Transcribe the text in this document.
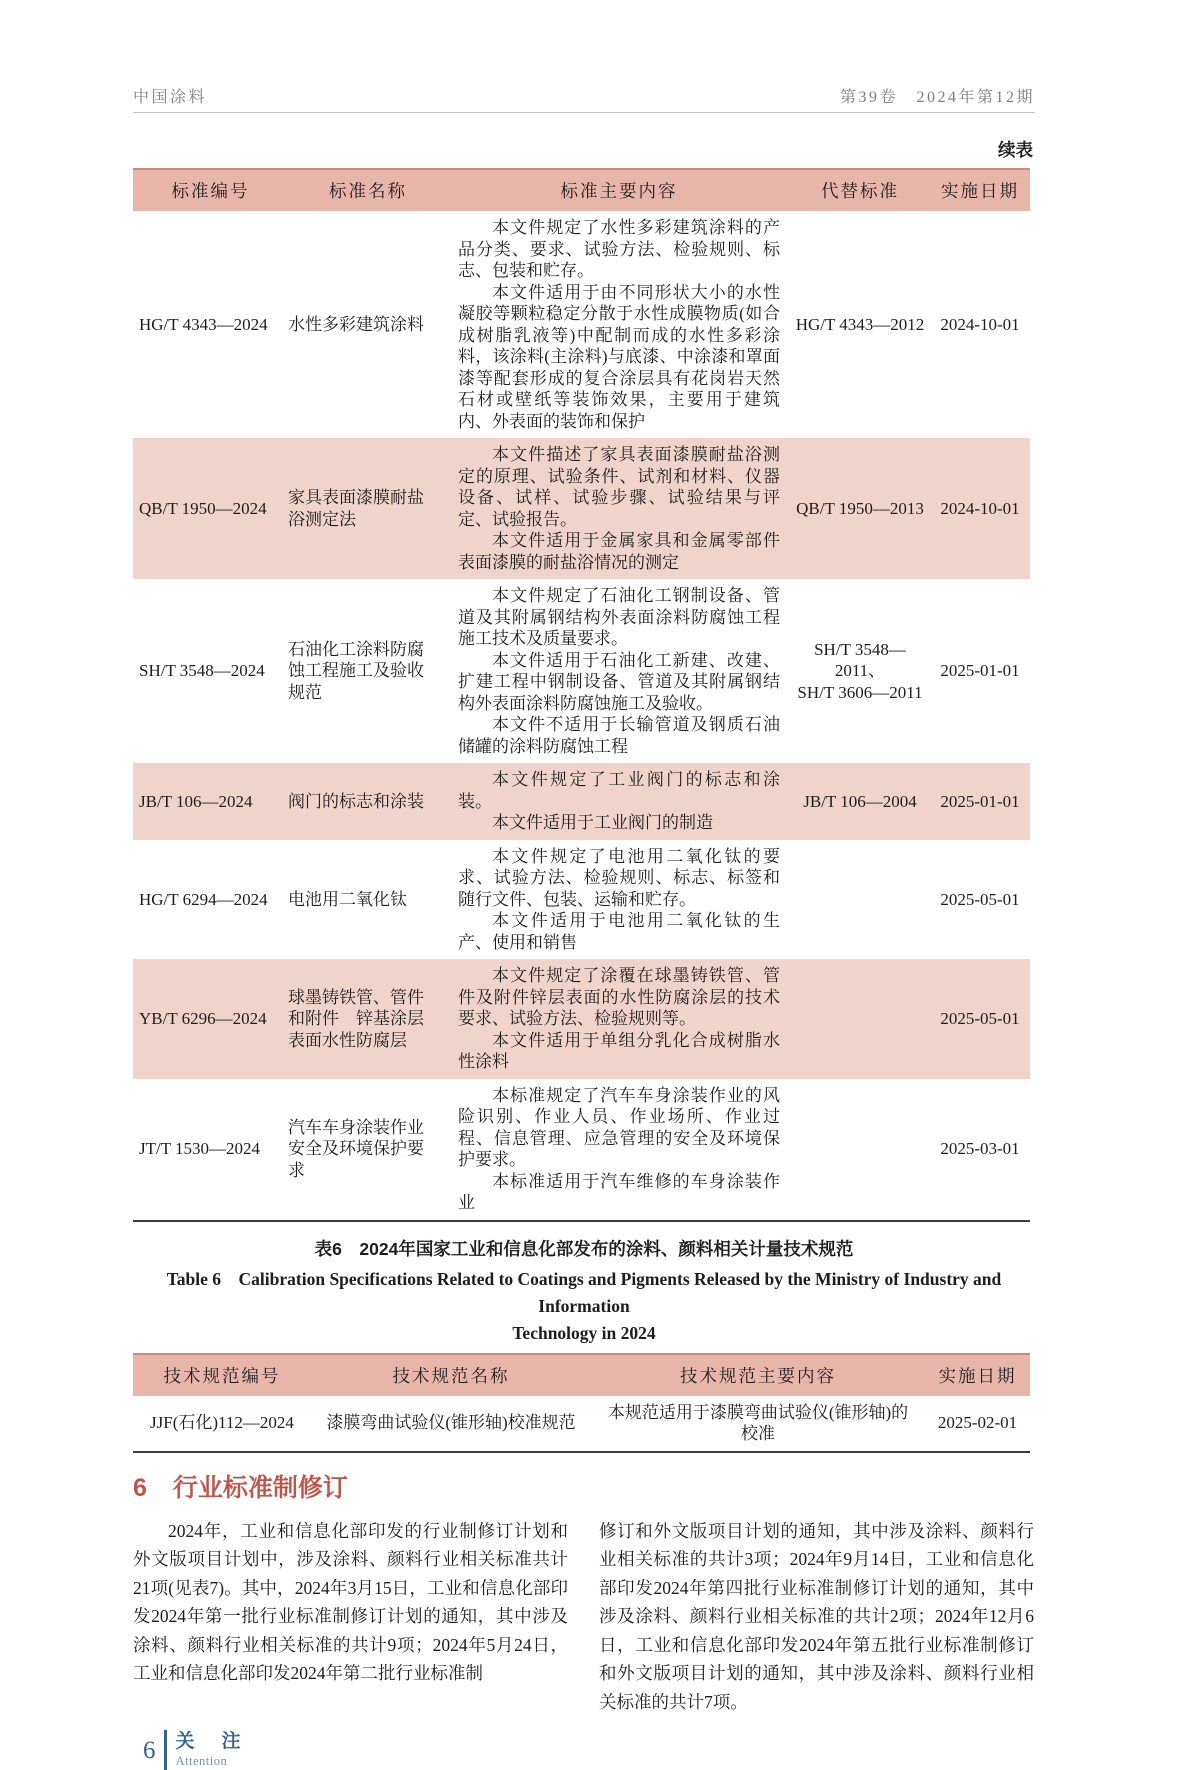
中国涂料	第39卷　2024年第12期
续表
标准编号	标准名称	标准主要内容	代替标准	实施日期
HG/T 4343—2024	水性多彩建筑涂料	本文件规定了水性多彩建筑涂料的产品分类、要求、试验方法、检验规则、标志、包装和贮存。

本文件适用于由不同形状大小的水性凝胶等颗粒稳定分散于水性成膜物质(如合成树脂乳液等)中配制而成的水性多彩涂料，该涂料(主涂料)与底漆、中涂漆和罩面漆等配套形成的复合涂层具有花岗岩天然石材或壁纸等装饰效果，主要用于建筑内、外表面的装饰和保护	HG/T 4343—2012	2024-10-01
QB/T 1950—2024	家具表面漆膜耐盐浴测定法	本文件描述了家具表面漆膜耐盐浴测定的原理、试验条件、试剂和材料、仪器设备、试样、试验步骤、试验结果与评定、试验报告。

本文件适用于金属家具和金属零部件表面漆膜的耐盐浴情况的测定	QB/T 1950—2013	2024-10-01
SH/T 3548—2024	石油化工涂料防腐蚀工程施工及验收规范	

本文件规定了石油化工钢制设备、管道及其附属钢结构外表面涂料防腐蚀工程施工技术及质量要求。

本文件适用于石油化工新建、改建、扩建工程中钢制设备、管道及其附属钢结构外表面涂料防腐蚀施工及验收。

本文件不适用于长输管道及钢质石油储罐的涂料防腐蚀工程

SH/T 3548—2011、
SH/T 3606—2011
	2025-01-01
JB/T 106—2024	阀门的标志和涂装	本文件规定了工业阀门的标志和涂装。

本文件适用于工业阀门的制造	JB/T 106—2004	2025-01-01
HG/T 6294—2024	电池用二氧化钛	本文件规定了电池用二氧化钛的要求、试验方法、检验规则、标志、标签和随行文件、包装、运输和贮存。

本文件适用于电池用二氧化钛的生产、使用和销售		2025-05-01
YB/T 6296—2024	球墨铸铁管、管件和附件　锌基涂层表面水性防腐层	本文件规定了涂覆在球墨铸铁管、管件及附件锌层表面的水性防腐涂层的技术要求、试验方法、检验规则等。

本文件适用于单组分乳化合成树脂水性涂料		2025-05-01
JT/T 1530—2024	汽车车身涂装作业安全及环境保护要求	本标准规定了汽车车身涂装作业的风险识别、作业人员、作业场所、作业过程、信息管理、应急管理的安全及环境保护要求。

本标准适用于汽车维修的车身涂装作业		2025-03-01
表6　2024年国家工业和信息化部发布的涂料、颜料相关计量技术规范
Table 6　Calibration Specifications Related to Coatings and Pigments Released by the Ministry of Industry and Information
Technology in 2024
技术规范编号	技术规范名称	技术规范主要内容	实施日期
JJF(石化)112—2024	漆膜弯曲试验仪(锥形轴)校准规范	本规范适用于漆膜弯曲试验仪(锥形轴)的校准	2025-02-01
6 行业标准制修订
2024年，工业和信息化部印发的行业制修订计划和外文版项目计划中，涉及涂料、颜料行业相关标准共计21项(见表7)。其中，2024年3月15日，工业和信息化部印发2024年第一批行业标准制修订计划的通知，其中涉及涂料、颜料行业相关标准的共计9项；2024年5月24日，工业和信息化部印发2024年第二批行业标准制
修订和外文版项目计划的通知，其中涉及涂料、颜料行业相关标准的共计3项；2024年9月14日，工业和信息化部印发2024年第四批行业标准制修订计划的通知，其中涉及涂料、颜料行业相关标准的共计2项；2024年12月6日，工业和信息化部印发2024年第五批行业标准制修订和外文版项目计划的通知，其中涉及涂料、颜料行业相关标准的共计7项。
6 关　注
Attention
